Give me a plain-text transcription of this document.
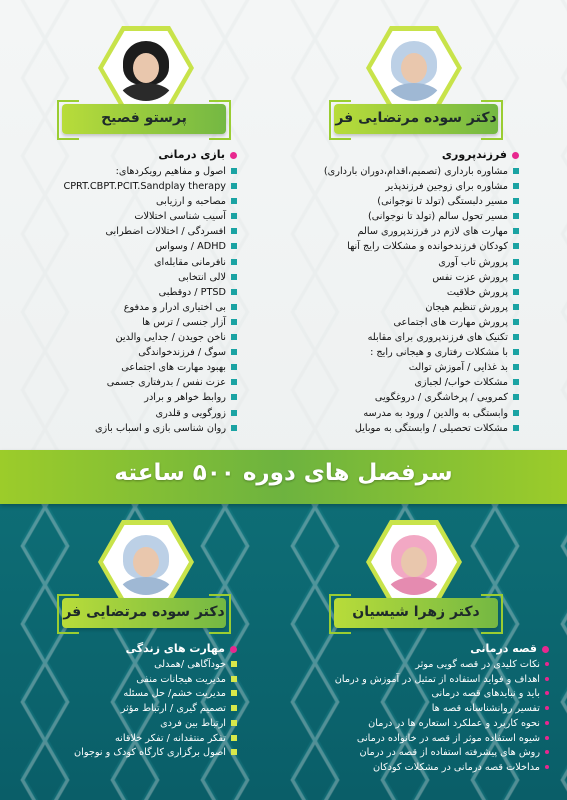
دکتر سوده مرتضایی فر
فرزندپروری
مشاوره بارداری (تصمیم،اقدام،دوران بارداری)
مشاوره برای زوجین فرزندپذیر
مسیر دلبستگی (تولد تا نوجوانی)
مسیر تحول سالم (تولد تا نوجوانی)
مهارت های لازم در فرزندپروری سالم
کودکان فرزندخوانده و مشکلات رایج آنها
پرورش تاب آوری
پرورش عزت نفس
پرورش خلاقیت
پرورش تنظیم هیجان
پرورش مهارت های اجتماعی
تکنیک های فرزندپروری برای مقابله
با مشکلات رفتاری و هیجانی رایج :
بد غذایی / آموزش توالت
مشکلات خواب/ لجبازی
کمرویی / پرخاشگری / دروغگویی
وابستگی به والدین / ورود به مدرسه
مشکلات تحصیلی / وابستگی به موبایل
پرستو فصیح
بازی درمانی
اصول و مفاهیم رویکردهای:
CPRT.CBPT.PCIT.Sandplay therapy
مصاحبه و ارزیابی
آسیب شناسی اختلالات
افسردگی / اختلالات اضطرابی
ADHD / وسواس
نافرمانی مقابله‌ای
لالی انتخابی
PTSD / دوقطبی
بی اختیاری ادرار و مدفوع
آزار جنسی / ترس ها
ناخن جویدن / جدایی والدین
سوگ / فرزندخواندگی
بهبود مهارت های اجتماعی
عزت نفس / بدرفتاری جسمی
روابط خواهر و برادر
زورگویی و قلدری
روان شناسی بازی و اسباب بازی
سرفصل های دوره ۵۰۰ ساعته
دکتر زهرا شیسیان
قصه درمانی
نکات کلیدی در قصه گویی موثر
اهداف و فواید استفاده از تمثیل در آموزش و درمان
باید و نبایدهای قصه درمانی
تفسیر روانشناسانه قصه ها
نحوه کاربرد و عملکرد استعاره ها در درمان
شیوه استفاده موثر از قصه در خانواده درمانی
روش های پیشرفته استفاده از قصه در درمان
مداخلات قصه درمانی در مشکلات کودکان
دکتر سوده مرتضایی فر
مهارت های زندگی
خودآگاهی /همدلی
مدیریت هیجانات منفی
مدیریت خشم/ حل مسئله
تصمیم گیری / ارتباط مؤثر
ارتباط بین فردی
تفکر منتقدانه / تفکر خلاقانه
اصول برگزاری کارگاه کودک و نوجوان
